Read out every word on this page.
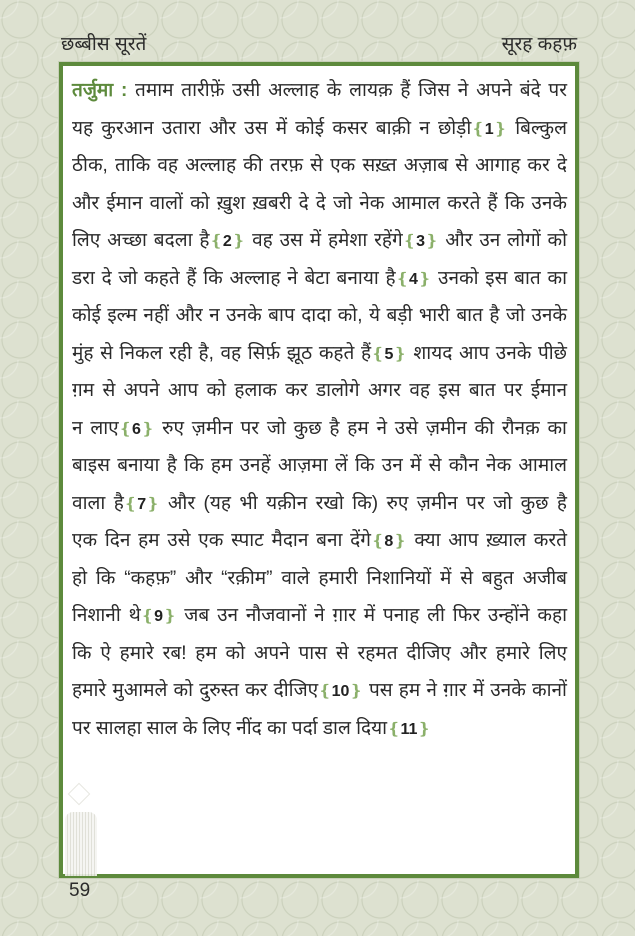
छब्बीस सूरतें	सूरह कहफ़
तर्जुमा : तमाम तारीफ़ें उसी अल्लाह के लायक़ हैं जिस ने अपने बंदे पर
यह कुरआन उतारा और उस में कोई कसर बाक़ी न छोड़ी❴1❵ बिल्कुल
ठीक, ताकि वह अल्लाह की तरफ़ से एक सख़्त अज़ाब से आगाह कर दे
और ईमान वालों को ख़ुश ख़बरी दे दे जो नेक आमाल करते हैं कि उनके
लिए अच्छा बदला है❴2❵ वह उस में हमेशा रहेंगे❴3❵ और उन लोगों को
डरा दे जो कहते हैं कि अल्लाह ने बेटा बनाया है❴4❵ उनको इस बात का
कोई इल्म नहीं और न उनके बाप दादा को, ये बड़ी भारी बात है जो उनके
मुंह से निकल रही है, वह सिर्फ़ झूठ कहते हैं❴5❵ शायद आप उनके पीछे
ग़म से अपने आप को हलाक कर डालोगे अगर वह इस बात पर ईमान
न लाए❴6❵ रुए ज़मीन पर जो कुछ है हम ने उसे ज़मीन की रौनक़ का
बाइस बनाया है कि हम उनहें आज़मा लें कि उन में से कौन नेक आमाल
वाला है❴7❵ और (यह भी यक़ीन रखो कि) रुए ज़मीन पर जो कुछ है
एक दिन हम उसे एक स्पाट मैदान बना देंगे❴8❵ क्या आप ख़्याल करते
हो कि “कहफ़” और “रक़ीम” वाले हमारी निशानियों में से बहुत अजीब
निशानी थे❴9❵ जब उन नौजवानों ने ग़ार में पनाह ली फिर उन्होंने कहा
कि ऐ हमारे रब! हम को अपने पास से रहमत दीजिए और हमारे लिए
हमारे मुआमले को दुरुस्त कर दीजिए❴10❵ पस हम ने ग़ार में उनके कानों
पर सालहा साल के लिए नींद का पर्दा डाल दिया❴11❵
59
